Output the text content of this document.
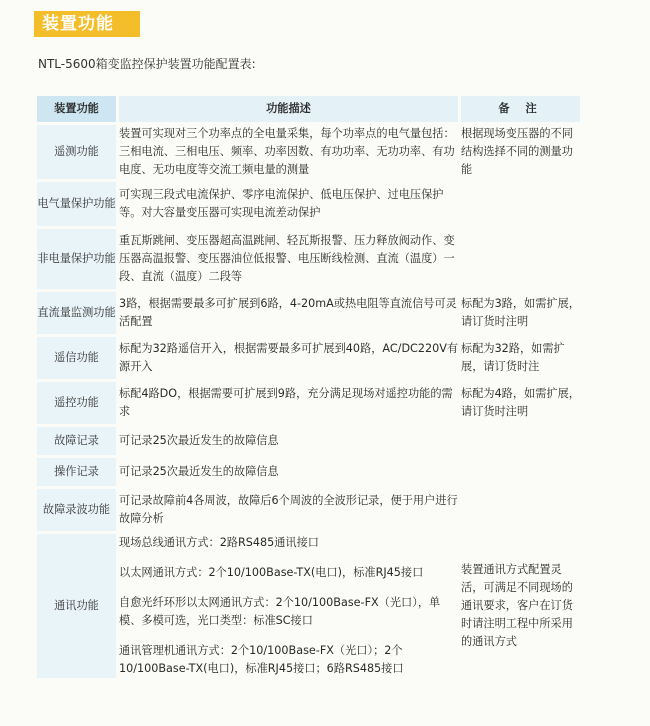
装置功能
NTL-5600箱变监控保护装置功能配置表:
装置功能	功能描述	备 注
遥测功能	装置可实现对三个功率点的全电量采集，每个功率点的电气量包括：三相电流、三相电压、频率、功率因数、有功功率、无功功率、有功电度、无功电度等交流工频电量的测量	根据现场变压器的不同结构选择不同的测量功能
电气量保护功能	可实现三段式电流保护、零序电流保护、低电压保护、过电压保护等。对大容量变压器可实现电流差动保护	
非电量保护功能	重瓦斯跳闸、变压器超高温跳闸、轻瓦斯报警、压力释放阀动作、变压器高温报警、变压器油位低报警、电压断线检测、直流（温度）一段、直流（温度）二段等	
直流量监测功能	3路，根据需要最多可扩展到6路，4-20mA或热电阻等直流信号可灵活配置	标配为3路，如需扩展，请订货时注明
遥信功能	标配为32路遥信开入，根据需要最多可扩展到40路，AC/DC220V有源开入	标配为32路，如需扩展，请订货时注
遥控功能	标配4路DO，根据需要可扩展到9路，充分满足现场对遥控功能的需求	标配为4路，如需扩展，请订货时注明
故障记录	可记录25次最近发生的故障信息	
操作记录	可记录25次最近发生的故障信息	
故障录波功能	可记录故障前4各周波，故障后6个周波的全波形记录，便于用户进行故障分析	
通讯功能	现场总线通讯方式：2路RS485通讯接口

以太网通讯方式：2个10/100Base-TX(电口)，标准RJ45接口

自愈光纤环形以太网通讯方式：2个10/100Base-FX（光口），单模、多模可选，光口类型：标准SC接口

通讯管理机通讯方式：2个10/100Base-FX（光口）；2个10/100Base-TX(电口)，标准RJ45接口；6路RS485接口	装置通讯方式配置灵活，可满足不同现场的通讯要求，客户在订货时请注明工程中所采用的通讯方式
